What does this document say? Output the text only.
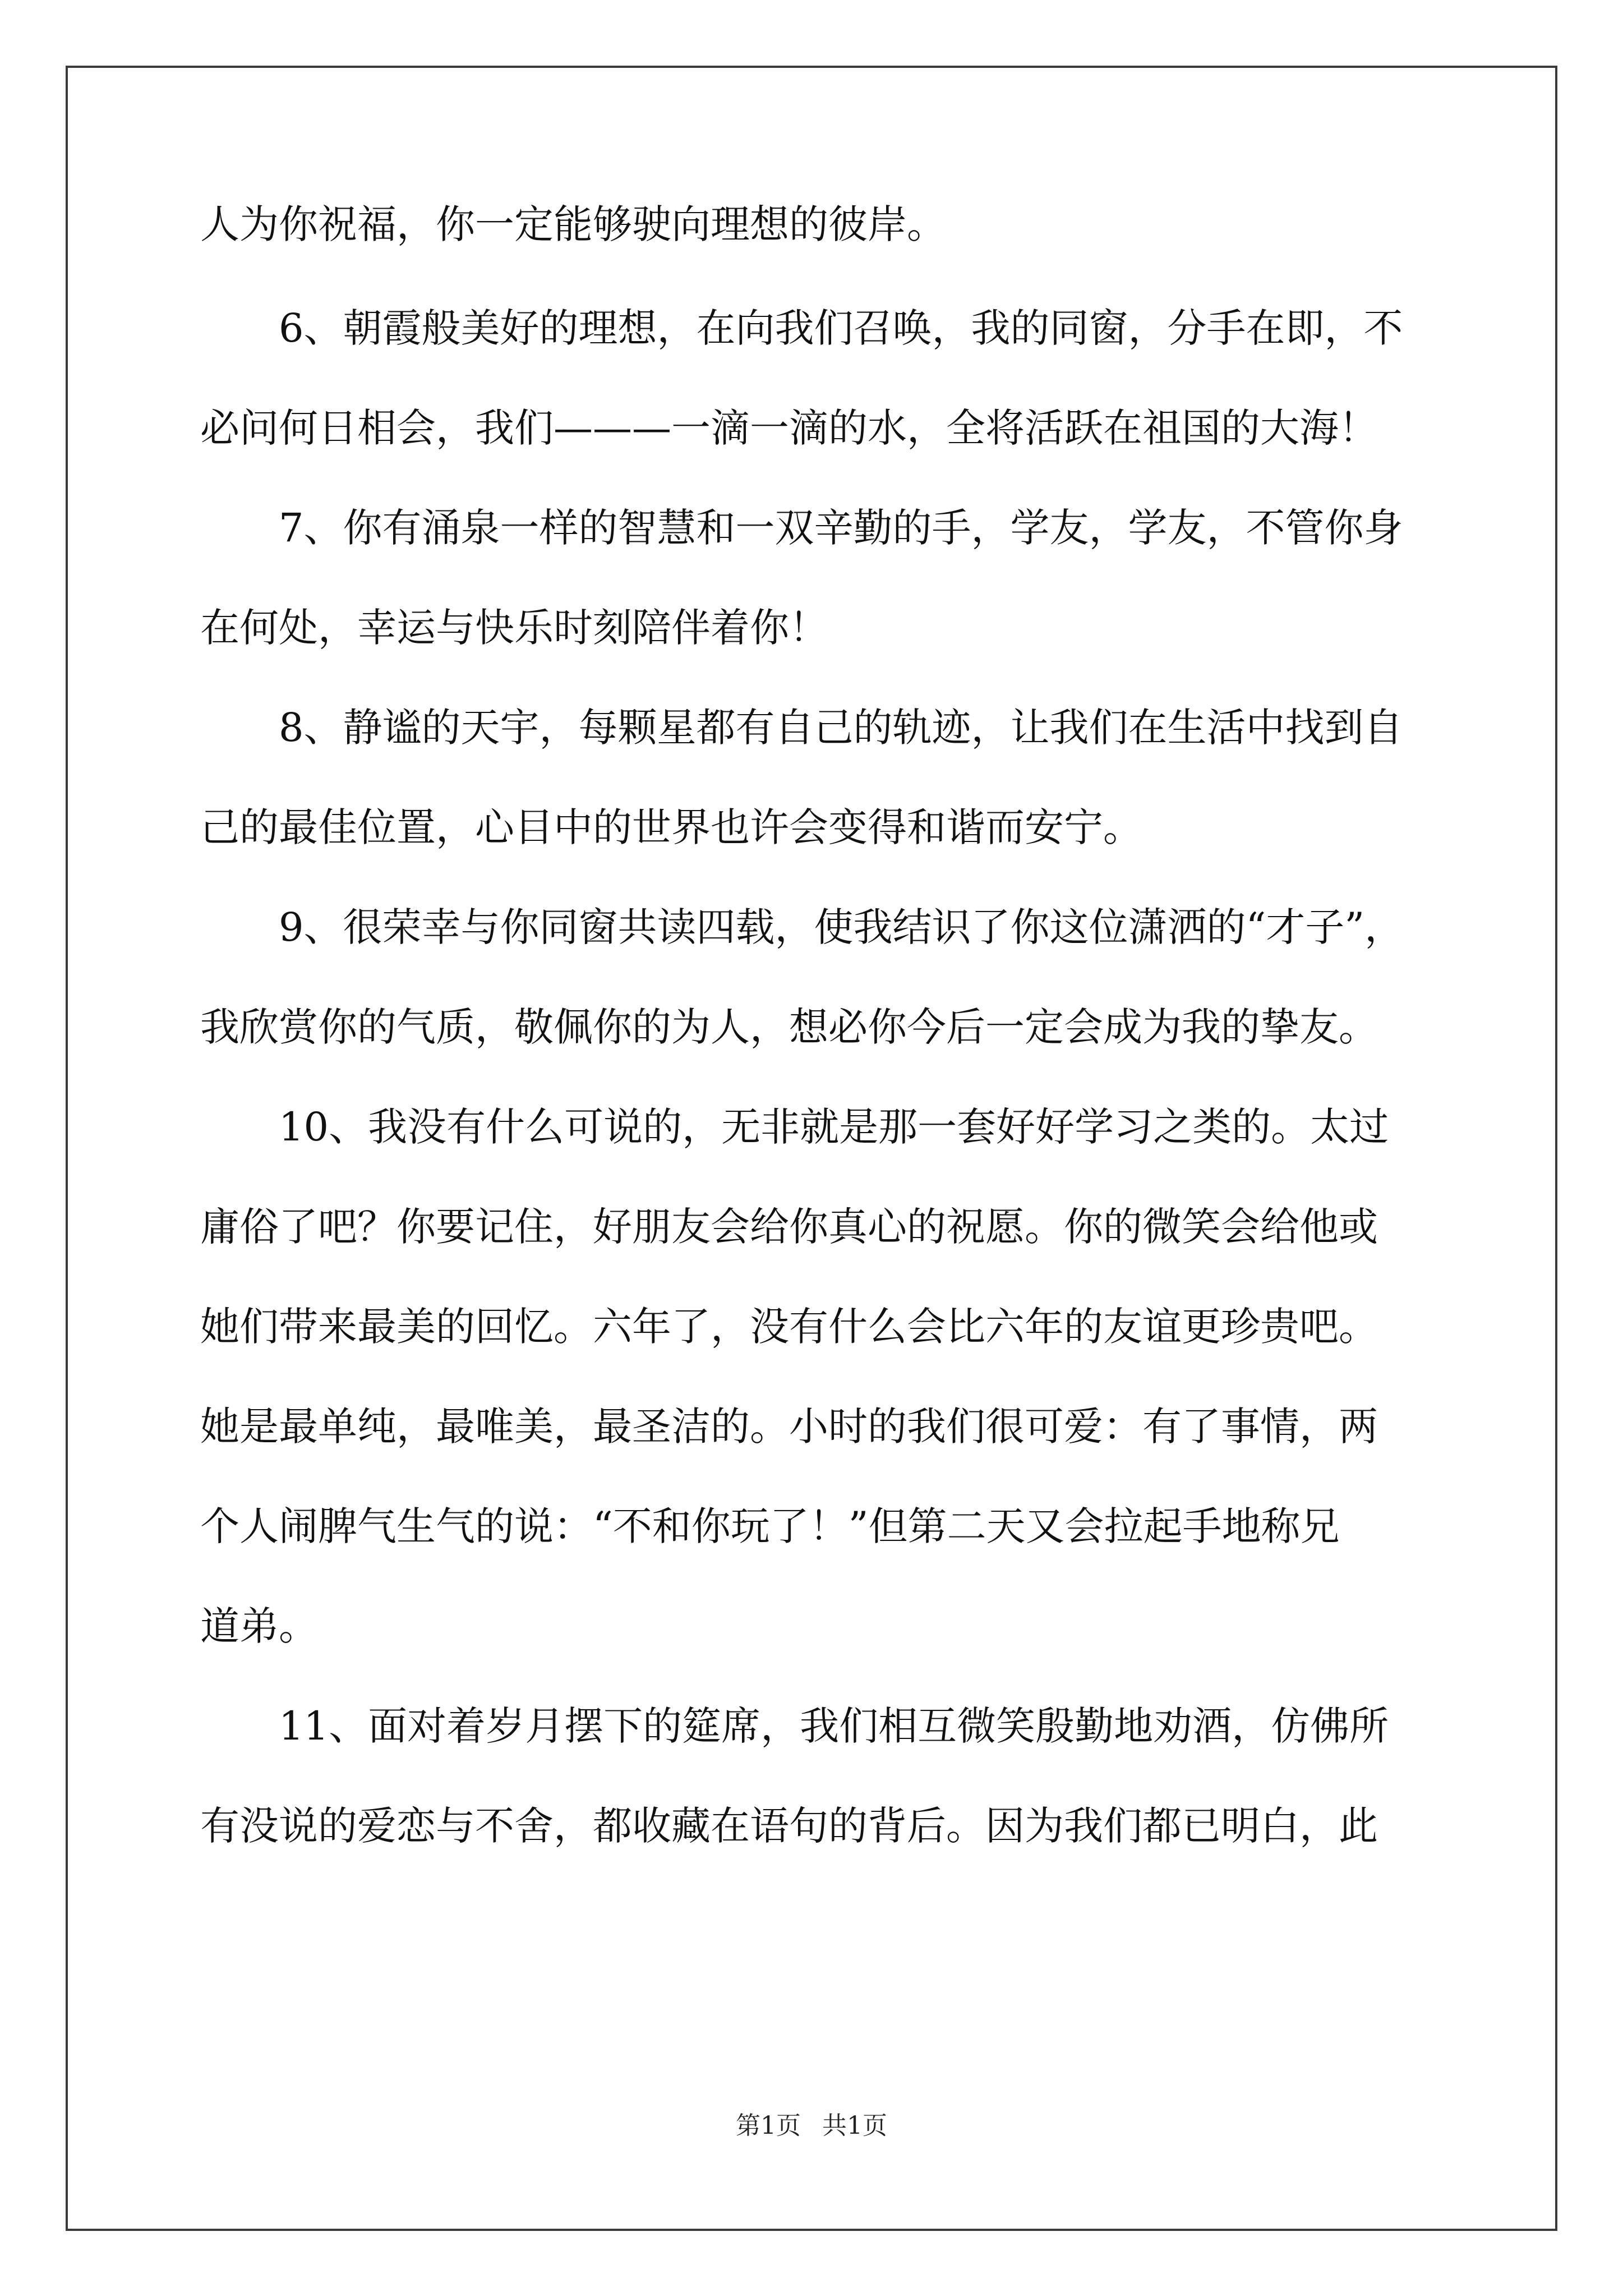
人为你祝福，你一定能够驶向理想的彼岸。
6、朝霞般美好的理想，在向我们召唤，我的同窗，分手在即，不
必问何日相会，我们———一滴一滴的水，全将活跃在祖国的大海！
7、你有涌泉一样的智慧和一双辛勤的手，学友，学友，不管你身
在何处，幸运与快乐时刻陪伴着你！
8、静谧的天宇，每颗星都有自己的轨迹，让我们在生活中找到自
己的最佳位置，心目中的世界也许会变得和谐而安宁。
9、很荣幸与你同窗共读四载，使我结识了你这位潇洒的“才子”，
我欣赏你的气质，敬佩你的为人，想必你今后一定会成为我的挚友。
10、我没有什么可说的，无非就是那一套好好学习之类的。太过
庸俗了吧？你要记住，好朋友会给你真心的祝愿。你的微笑会给他或
她们带来最美的回忆。六年了，没有什么会比六年的友谊更珍贵吧。
她是最单纯，最唯美，最圣洁的。小时的我们很可爱：有了事情，两
个人闹脾气生气的说：“不和你玩了！”但第二天又会拉起手地称兄
道弟。
11、面对着岁月摆下的筵席，我们相互微笑殷勤地劝酒，仿佛所
有没说的爱恋与不舍，都收藏在语句的背后。因为我们都已明白，此
第1页 共1页
